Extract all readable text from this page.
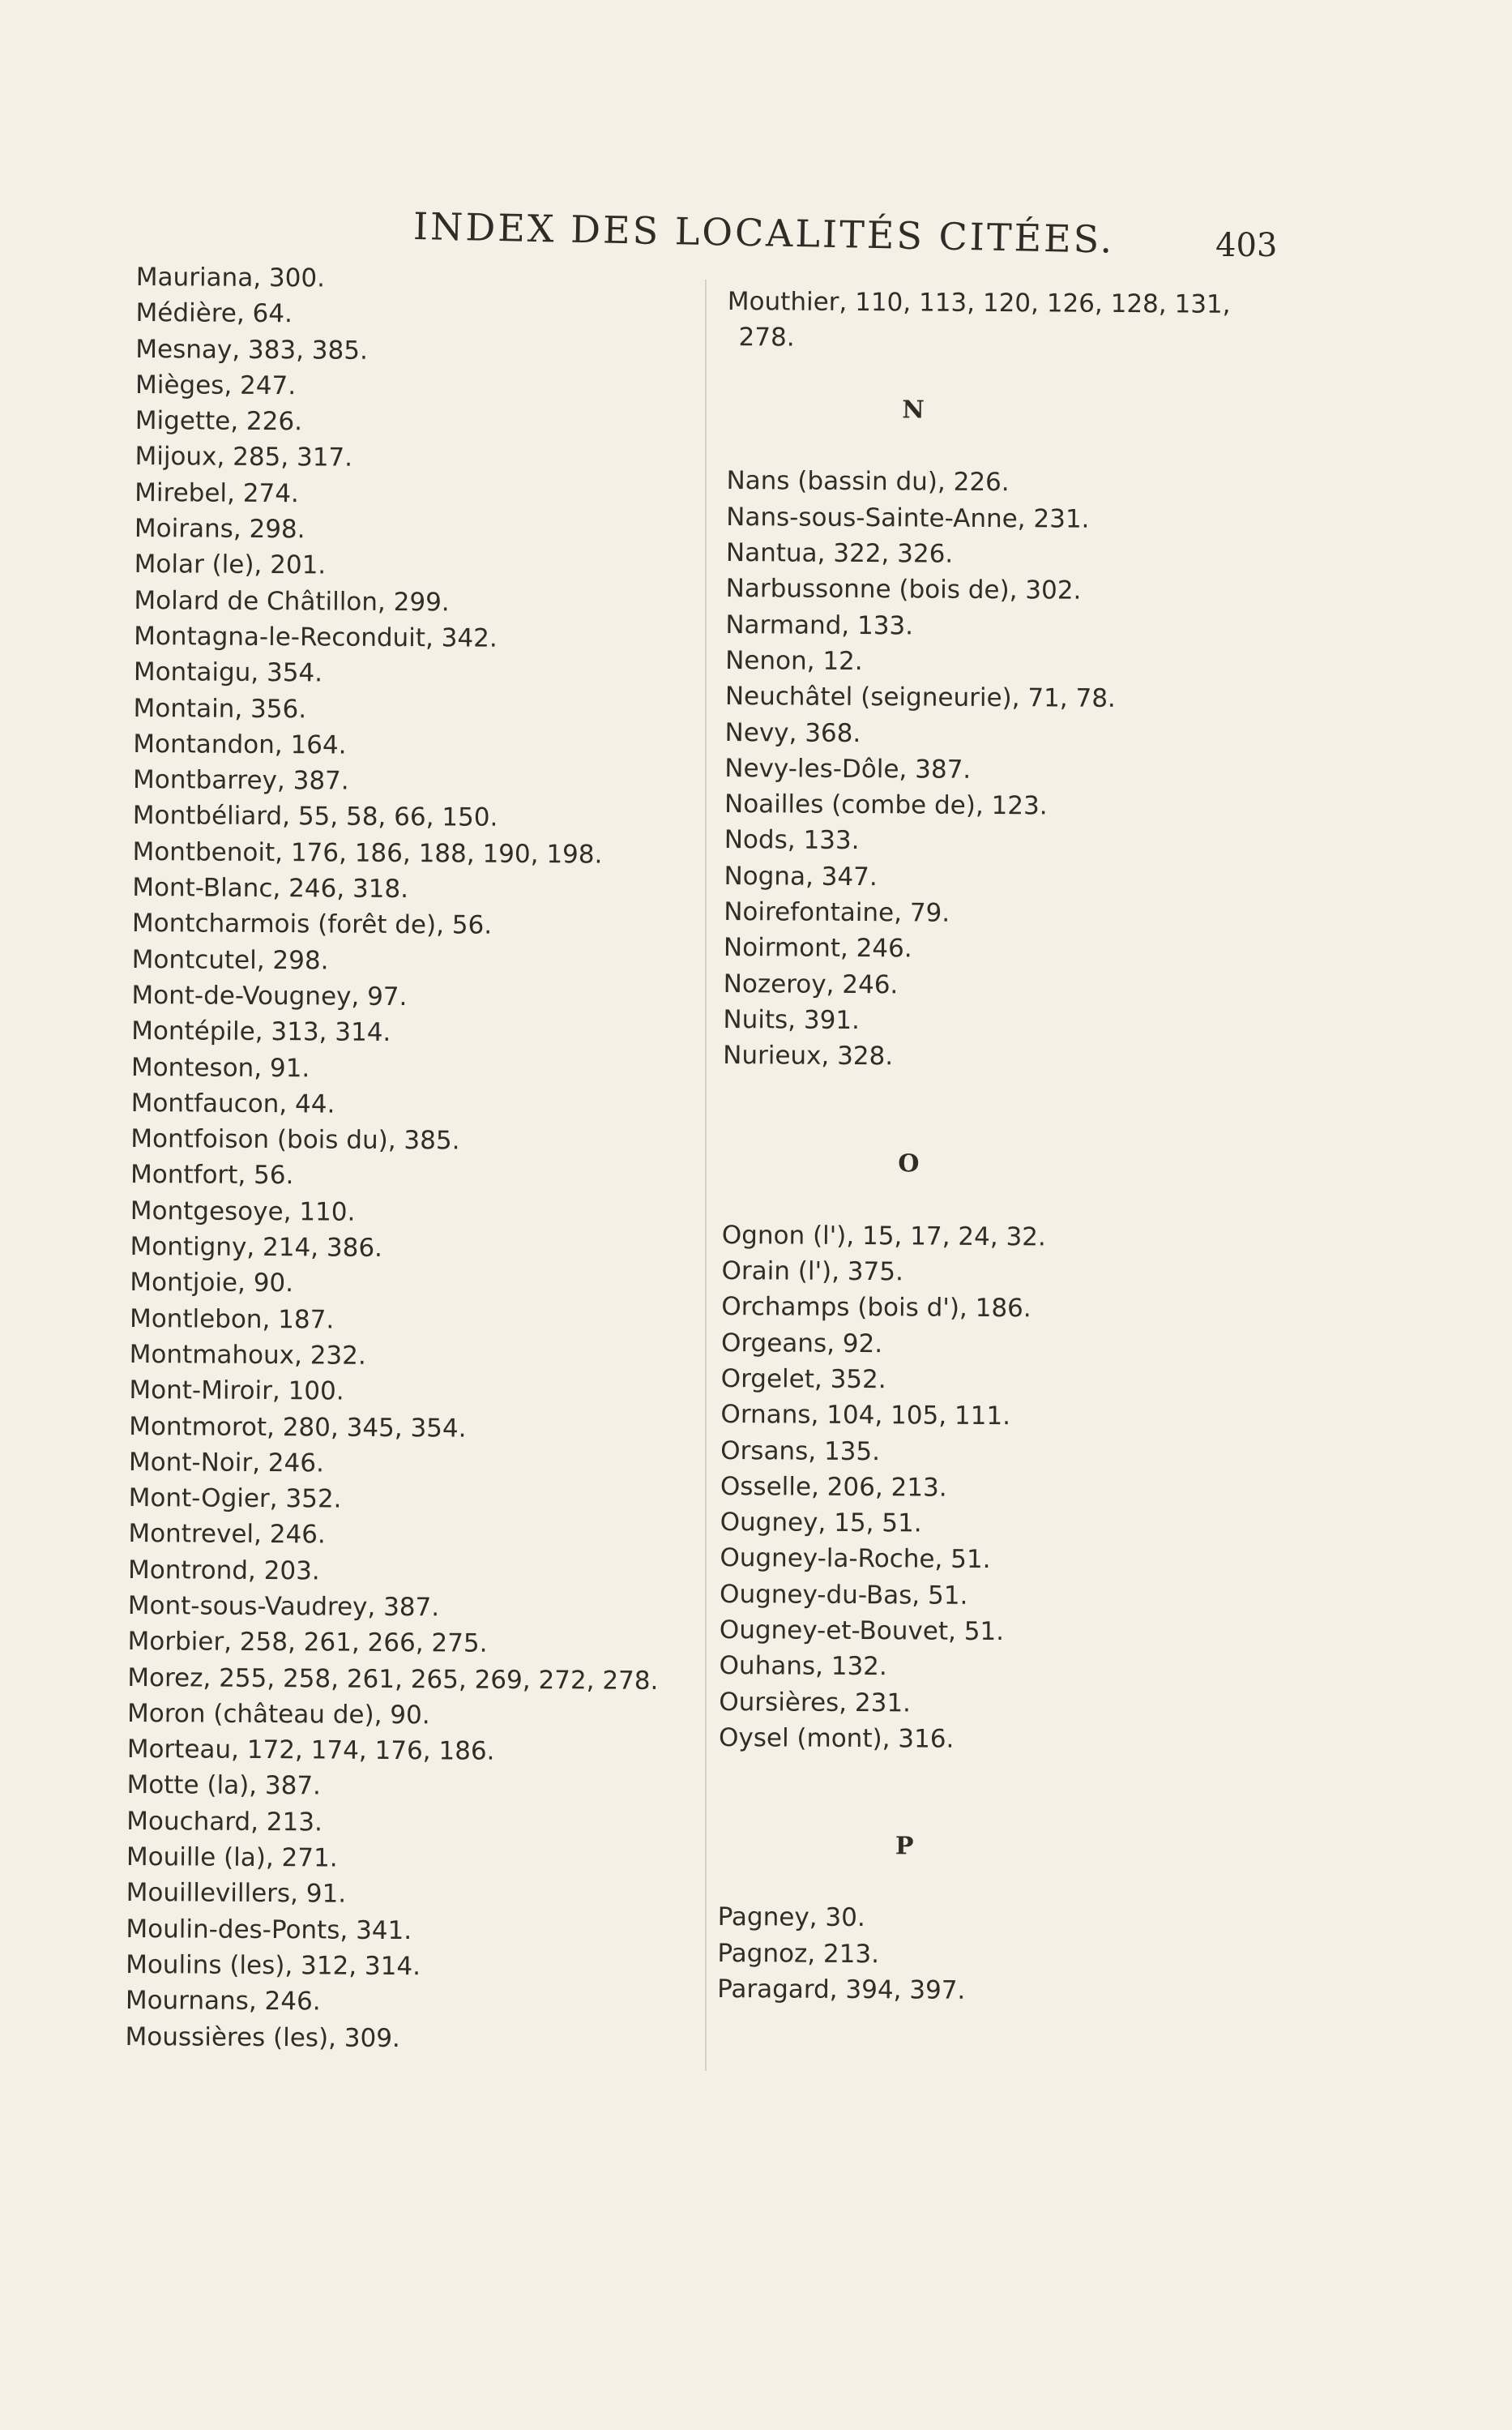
INDEX DES LOCALITÉS CITÉES.	403
Mauriana, 300.
Médière, 64.
Mesnay, 383, 385.
Mièges, 247.
Migette, 226.
Mijoux, 285, 317.
Mirebel, 274.
Moirans, 298.
Molar (le), 201.
Molard de Châtillon, 299.
Montagna-le-Reconduit, 342.
Montaigu, 354.
Montain, 356.
Montandon, 164.
Montbarrey, 387.
Montbéliard, 55, 58, 66, 150.
Montbenoit, 176, 186, 188, 190, 198.
Mont-Blanc, 246, 318.
Montcharmois (forêt de), 56.
Montcutel, 298.
Mont-de-Vougney, 97.
Montépile, 313, 314.
Monteson, 91.
Montfaucon, 44.
Montfoison (bois du), 385.
Montfort, 56.
Montgesoye, 110.
Montigny, 214, 386.
Montjoie, 90.
Montlebon, 187.
Montmahoux, 232.
Mont-Miroir, 100.
Montmorot, 280, 345, 354.
Mont-Noir, 246.
Mont-Ogier, 352.
Montrevel, 246.
Montrond, 203.
Mont-sous-Vaudrey, 387.
Morbier, 258, 261, 266, 275.
Morez, 255, 258, 261, 265, 269, 272, 278.
Moron (château de), 90.
Morteau, 172, 174, 176, 186.
Motte (la), 387.
Mouchard, 213.
Mouille (la), 271.
Mouillevillers, 91.
Moulin-des-Ponts, 341.
Moulins (les), 312, 314.
Mournans, 246.
Moussières (les), 309.
Mouthier, 110, 113, 120, 126, 128, 131,
278.
N
Nans (bassin du), 226.
Nans-sous-Sainte-Anne, 231.
Nantua, 322, 326.
Narbussonne (bois de), 302.
Narmand, 133.
Nenon, 12.
Neuchâtel (seigneurie), 71, 78.
Nevy, 368.
Nevy-les-Dôle, 387.
Noailles (combe de), 123.
Nods, 133.
Nogna, 347.
Noirefontaine, 79.
Noirmont, 246.
Nozeroy, 246.
Nuits, 391.
Nurieux, 328.
O
Ognon (l'), 15, 17, 24, 32.
Orain (l'), 375.
Orchamps (bois d'), 186.
Orgeans, 92.
Orgelet, 352.
Ornans, 104, 105, 111.
Orsans, 135.
Osselle, 206, 213.
Ougney, 15, 51.
Ougney-la-Roche, 51.
Ougney-du-Bas, 51.
Ougney-et-Bouvet, 51.
Ouhans, 132.
Oursières, 231.
Oysel (mont), 316.
P
Pagney, 30.
Pagnoz, 213.
Paragard, 394, 397.
